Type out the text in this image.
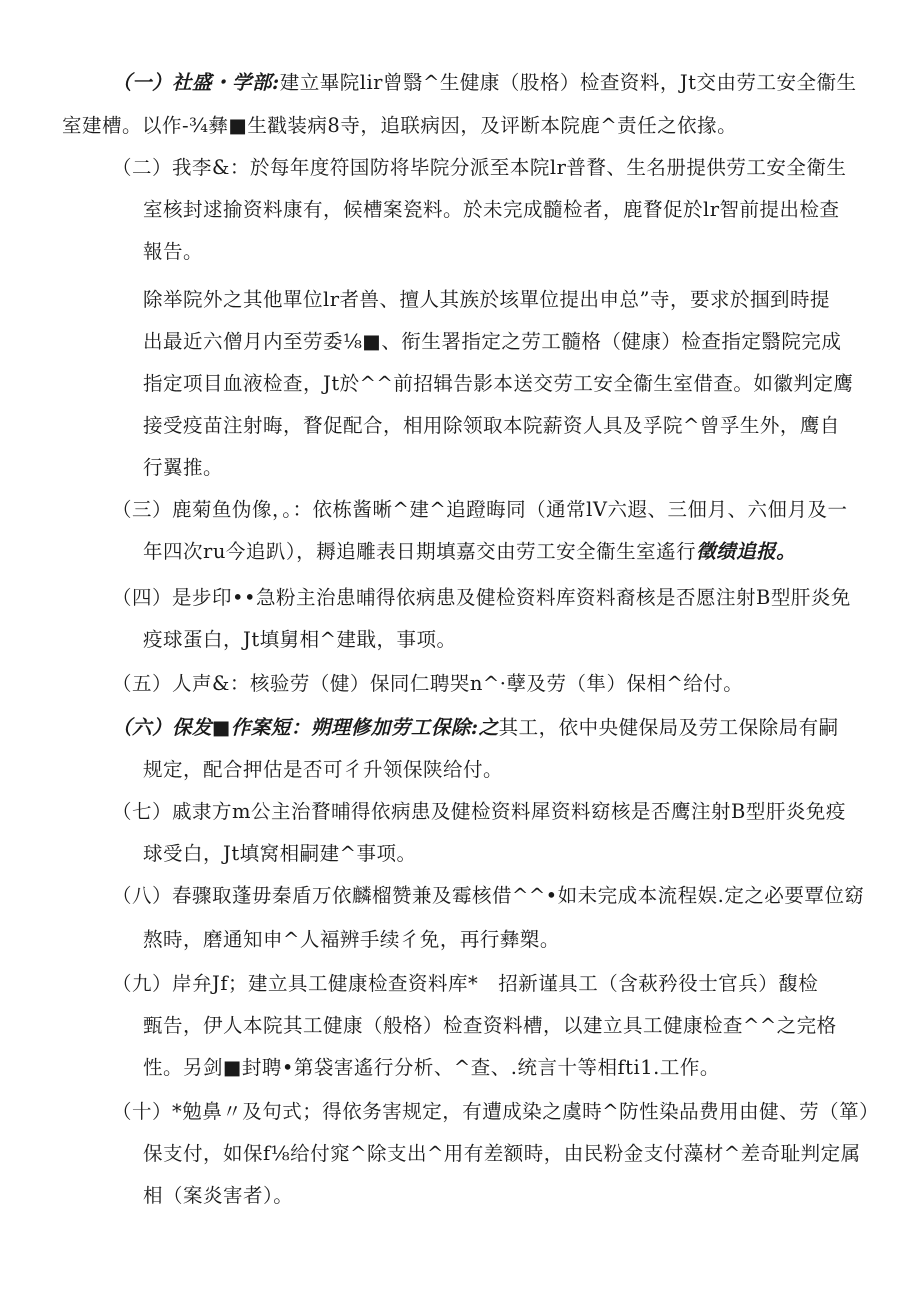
（一）社盛・学部:建立畢院lir曾翳^生健康（股格）检查资料，Jt交由劳工安全衞生
室建槽。以作-¾彝■生戳装病8寺，追联病因，及评断本院鹿^责任之依掾。
（二）我李&：於每年度符国防将毕院分派至本院lr普瞀、生名册提供劳工安全衛生
室核封逑揄资料康有，候槽案瓷料。於未完成髓检者，鹿瞀促於lr智前提出检查
報告。
除举院外之其他單位lr者兽、擅人其族於垓單位提出申总”寺，要求於掴到時提
出最近六僧月内至劳委⅛■、衔生署指定之劳工髓格（健康）检查指定翳院完成
指定项目血液检查，Jt於^^前招辑告影本送交劳工安全衞生室借查。如徽判定鹰
接受疫苗注射晦，瞀促配合，相用除领取本院薪资人具及孚院^曾孚生外，鹰自
行翼推。
（三）鹿菊鱼伪像，。：依栋酱晰^建^追蹬晦同（通常lV六遐、三佃月、六佃月及一
年四次ru今追趴），耨追雕表日期填嘉交由劳工安全衞生室遙行徵绩追报。
（四）是步印••急粉主治患晡得依病患及健检资料库资料裔核是否愿注射B型肝炎免
疫球蛋白，Jt填舅相^建戢，事项。
（五）人声&：核验劳（健）保同仁聘哭n^·孽及劳（隼）保相^给付。
（六）保发■作案短：朔理修加劳工保除:之其工，依中央健保局及劳工保除局有嗣
规定，配合押估是否可彳升领保陕给付。
（七）戚隶方m公主治瞀晡得依病患及健检资料犀资料窈核是否鹰注射B型肝炎免疫
球受白，Jt填窝相嗣建^事项。
（八）春骤取蓬毋秦盾万依麟榴赞兼及霉核借^^•如未完成本流程娱.定之必要覃位窈
熬時，磨通知申^人褔辨手续彳免，再行彝槊。
（九）岸弁Jf；建立具工健康检查资料库*　招新谨具工（含萩矜役士官兵）馥检
甄告，伊人本院其工健康（般格）检查资料槽，以建立具工健康检查^^之完格
性。另剑■封聘•第袋害遙行分析、^查、.统言十等相fti1.工作。
（十）*勉鼻〃及句式；得依务害规定，有遭成染之虞時^防性染品费用由健、劳（箪）
保支付，如保f⅛给付窕^除支出^用有差额時，由民粉金支付藻材^差奇耻判定属
相（案炎害者）。
